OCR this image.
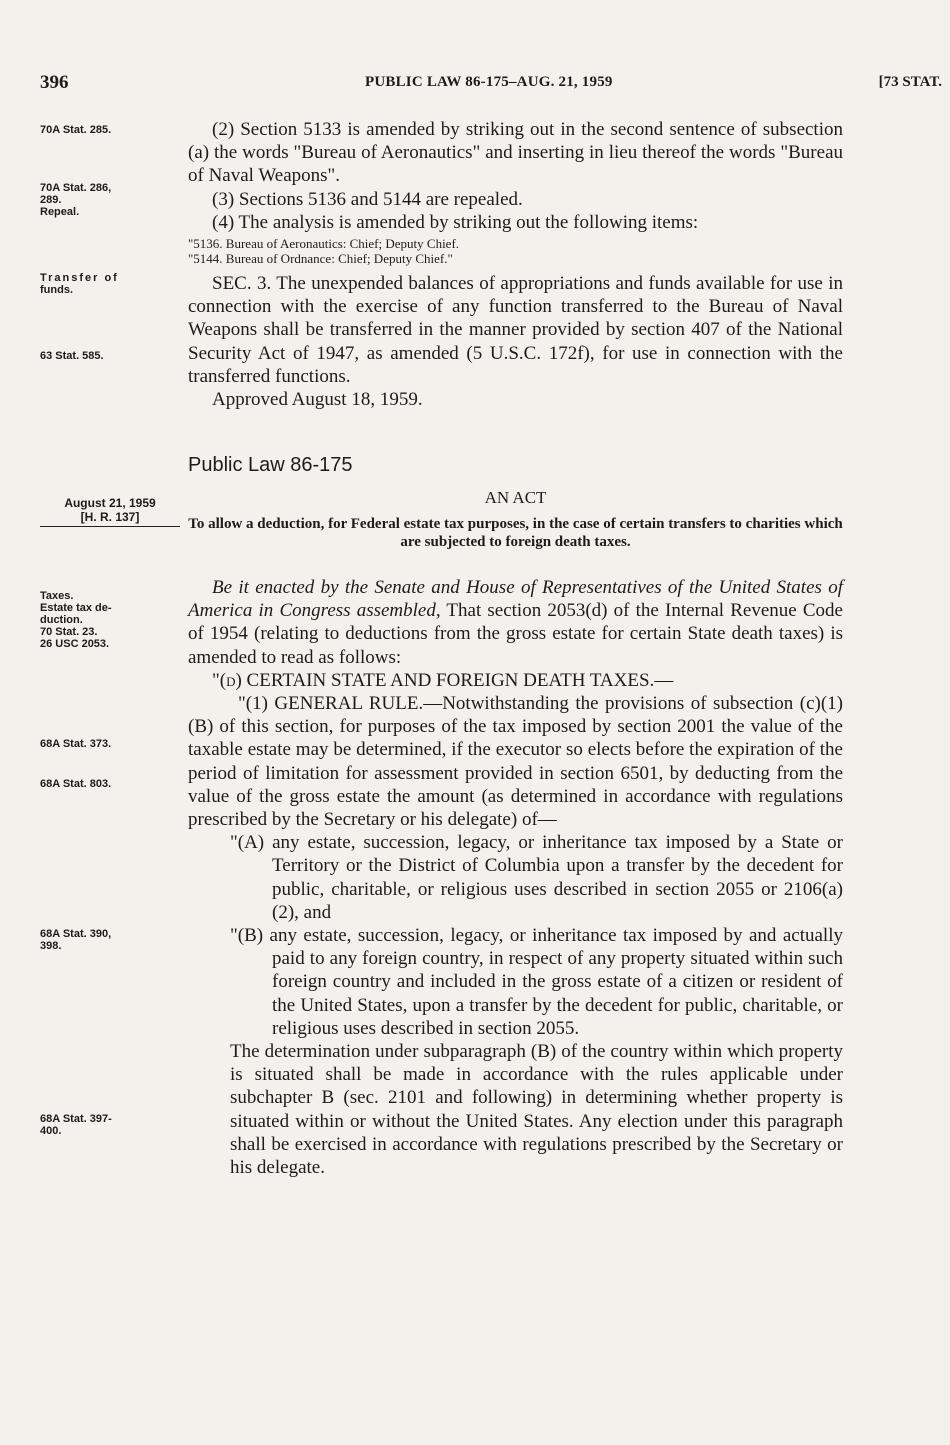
396	PUBLIC LAW 86-175–AUG. 21, 1959	[73 STAT.
70A Stat. 285.
70A Stat. 286,
289.
Repeal.
Transfer of
funds.
63 Stat. 585.
August 21, 1959
[H. R. 137]
Taxes.
Estate tax de-
duction.
70 Stat. 23.
26 USC 2053.
68A Stat. 373.
68A Stat. 803.
68A Stat. 390,
398.
68A Stat. 397-
400.

(2) Section 5133 is amended by striking out in the second sentence of subsection (a) the words "Bureau of Aeronautics" and inserting in lieu thereof the words "Bureau of Naval Weapons".

(3) Sections 5136 and 5144 are repealed.

(4) The analysis is amended by striking out the following items:

"5136. Bureau of Aeronautics: Chief; Deputy Chief.
"5144. Bureau of Ordnance: Chief; Deputy Chief."

SEC. 3. The unexpended balances of appropriations and funds available for use in connection with the exercise of any function transferred to the Bureau of Naval Weapons shall be transferred in the manner provided by section 407 of the National Security Act of 1947, as amended (5 U.S.C. 172f), for use in connection with the transferred functions.

Approved August 18, 1959.

Public Law 86-175
AN ACT
To allow a deduction, for Federal estate tax purposes, in the case of certain transfers to charities which are subjected to foreign death taxes.

Be it enacted by the Senate and House of Representatives of the United States of America in Congress assembled, That section 2053(d) of the Internal Revenue Code of 1954 (relating to deductions from the gross estate for certain State death taxes) is amended to read as follows:

"(d) CERTAIN STATE AND FOREIGN DEATH TAXES.—

"(1) GENERAL RULE.—Notwithstanding the provisions of subsection (c)(1)(B) of this section, for purposes of the tax imposed by section 2001 the value of the taxable estate may be determined, if the executor so elects before the expiration of the period of limitation for assessment provided in section 6501, by deducting from the value of the gross estate the amount (as determined in accordance with regulations prescribed by the Secretary or his delegate) of—

"(A) any estate, succession, legacy, or inheritance tax imposed by a State or Territory or the District of Columbia upon a transfer by the decedent for public, charitable, or religious uses described in section 2055 or 2106(a)(2), and

"(B) any estate, succession, legacy, or inheritance tax imposed by and actually paid to any foreign country, in respect of any property situated within such foreign country and included in the gross estate of a citizen or resident of the United States, upon a transfer by the decedent for public, charitable, or religious uses described in section 2055.

The determination under subparagraph (B) of the country within which property is situated shall be made in accordance with the rules applicable under subchapter B (sec. 2101 and following) in determining whether property is situated within or without the United States. Any election under this paragraph shall be exercised in accordance with regulations prescribed by the Secretary or his delegate.
